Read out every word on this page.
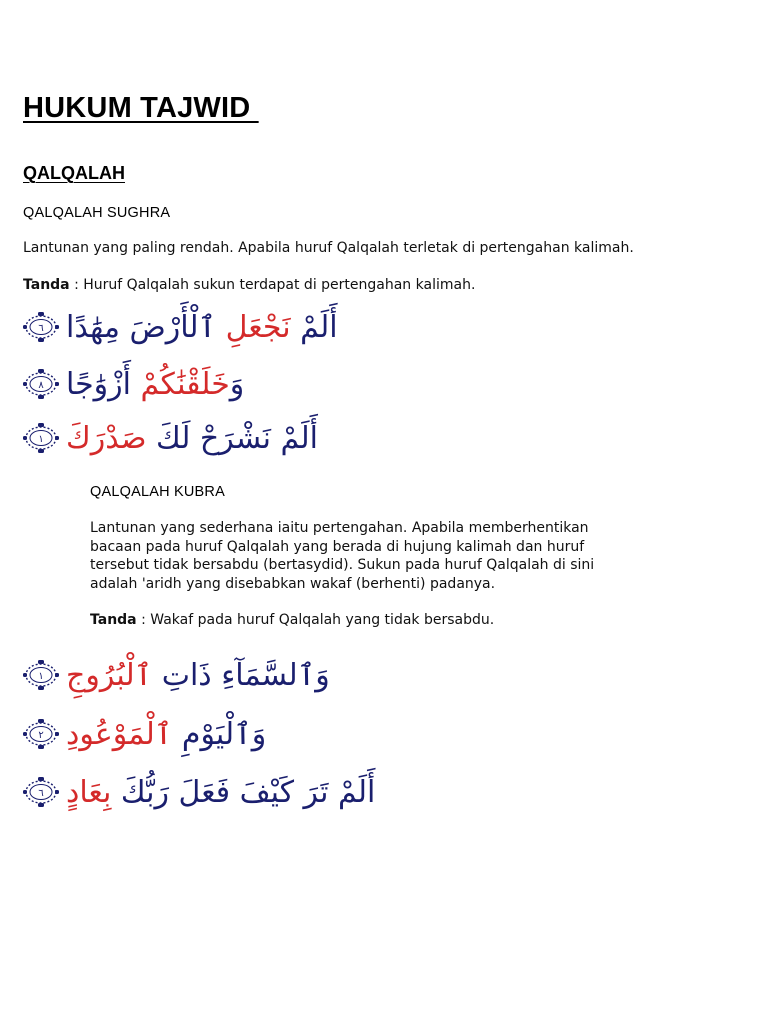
HUKUM TAJWID
QALQALAH
QALQALAH SUGHRA
Lantunan yang paling rendah. Apabila huruf Qalqalah terletak di pertengahan kalimah.
Tanda : Huruf Qalqalah sukun terdapat di pertengahan kalimah.
٦	أَلَمْ نَجْعَلِ ٱلْأَرْضَ مِهَٰدًا
٨	وَخَلَقْنَٰكُمْ أَزْوَٰجًا
١	أَلَمْ نَشْرَحْ لَكَ صَدْرَكَ
QALQALAH KUBRA
Lantunan yang sederhana iaitu pertengahan. Apabila memberhentikan
bacaan pada huruf Qalqalah yang berada di hujung kalimah dan huruf
tersebut tidak bersabdu (bertasydid). Sukun pada huruf Qalqalah di sini
adalah 'aridh yang disebabkan wakaf (berhenti) padanya.
Tanda : Wakaf pada huruf Qalqalah yang tidak bersabdu.
١	وَٱلسَّمَآءِ ذَاتِ ٱلْبُرُوجِ
٢	وَٱلْيَوْمِ ٱلْمَوْعُودِ
٦	أَلَمْ تَرَ كَيْفَ فَعَلَ رَبُّكَ بِعَادٍ
